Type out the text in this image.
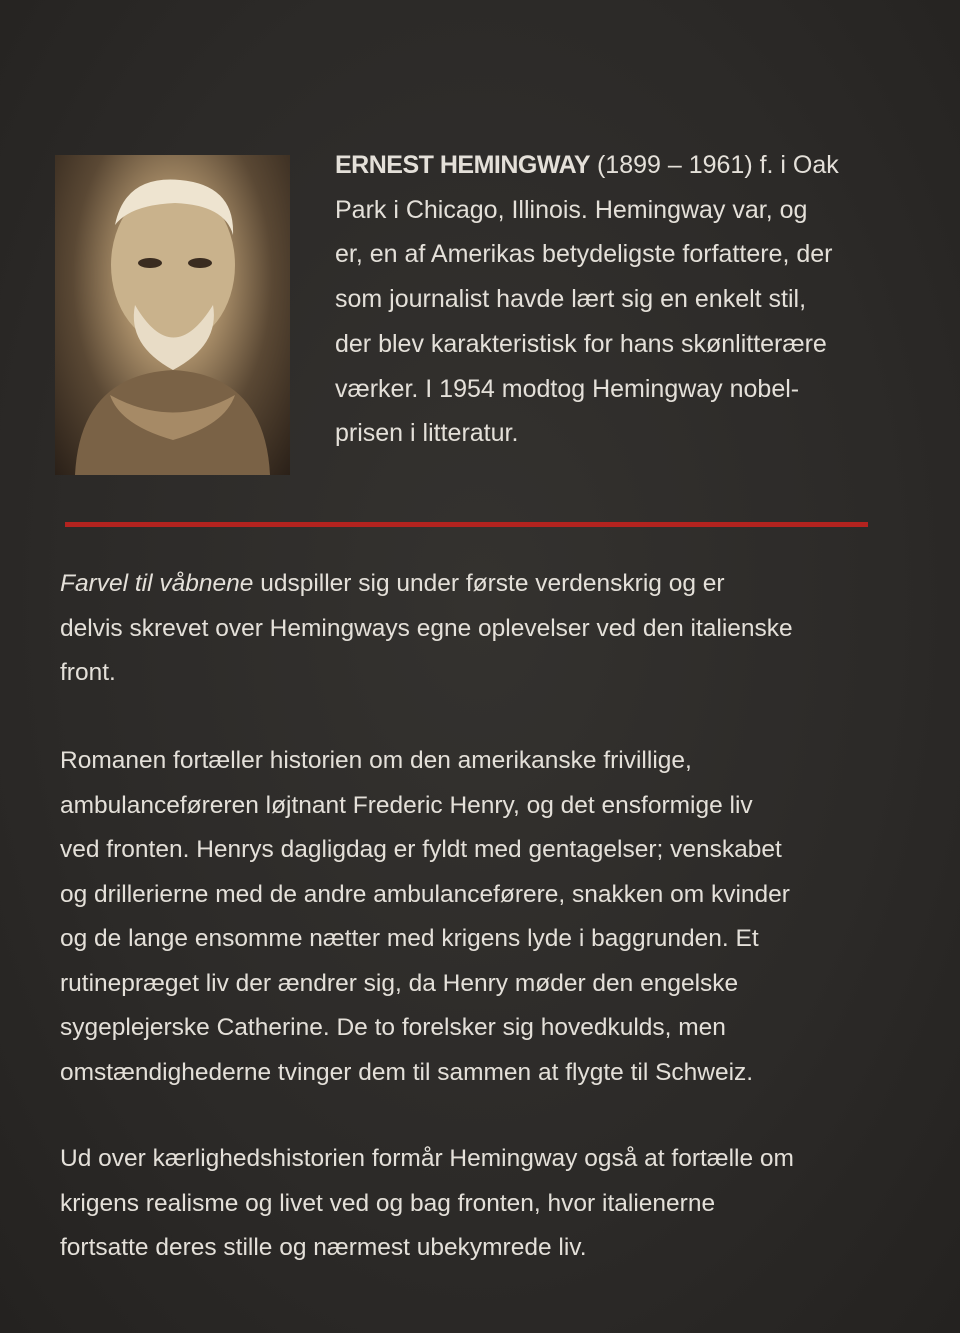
ERNEST HEMINGWAY (1899 – 1961) f. i Oak
Park i Chicago, Illinois. Hemingway var, og
er, en af Amerikas betydeligste forfattere, der
som journalist havde lært sig en enkelt stil,
der blev karakteristisk for hans skønlitterære
værker. I 1954 modtog Hemingway nobel-
prisen i litteratur.
Farvel til våbnene udspiller sig under første verdenskrig og er
delvis skrevet over Hemingways egne oplevelser ved den italienske
front.
Romanen fortæller historien om den amerikanske frivillige,
ambulanceføreren løjtnant Frederic Henry, og det ensformige liv
ved fronten. Henrys dagligdag er fyldt med gentagelser; venskabet
og drillerierne med de andre ambulanceførere, snakken om kvinder
og de lange ensomme nætter med krigens lyde i baggrunden. Et
rutinepræget liv der ændrer sig, da Henry møder den engelske
sygeplejerske Catherine. De to forelsker sig hovedkulds, men
omstændighederne tvinger dem til sammen at flygte til Schweiz.
Ud over kærlighedshistorien formår Hemingway også at fortælle om
krigens realisme og livet ved og bag fronten, hvor italienerne
fortsatte deres stille og nærmest ubekymrede liv.
